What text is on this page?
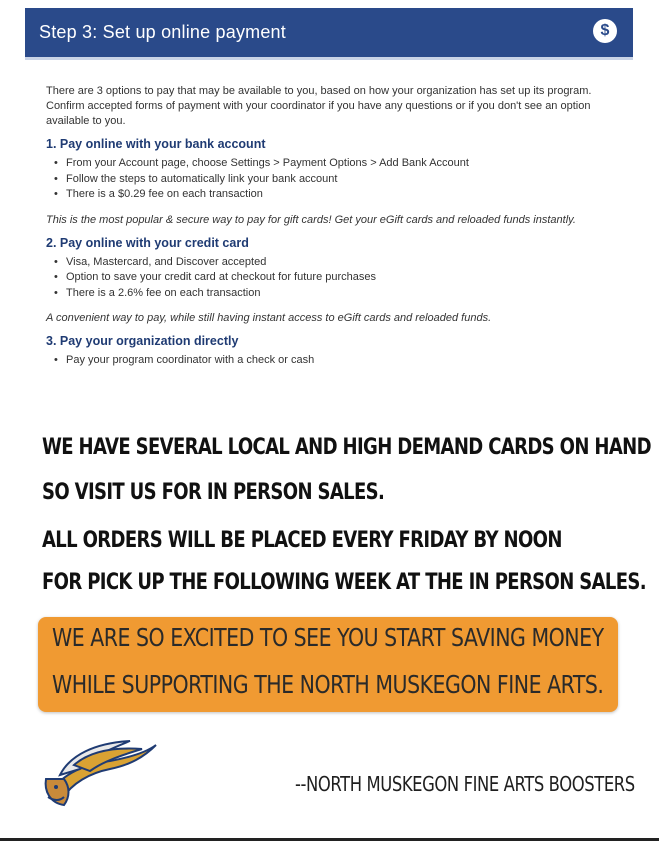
Step 3: Set up online payment	$

There are 3 options to pay that may be available to you, based on how your organization has set up its program. Confirm accepted forms of payment with your coordinator if you have any questions or if you don't see an option available to you.

1. Pay online with your bank account
• From your Account page, choose Settings > Payment Options > Add Bank Account
• Follow the steps to automatically link your bank account
• There is a $0.29 fee on each transaction
This is the most popular & secure way to pay for gift cards! Get your eGift cards and reloaded funds instantly.
2. Pay online with your credit card
• Visa, Mastercard, and Discover accepted
• Option to save your credit card at checkout for future purchases
• There is a 2.6% fee on each transaction
A convenient way to pay, while still having instant access to eGift cards and reloaded funds.
3. Pay your organization directly
• Pay your program coordinator with a check or cash
WE HAVE SEVERAL LOCAL AND HIGH DEMAND CARDS ON HAND
SO VISIT US FOR IN PERSON SALES.
ALL ORDERS WILL BE PLACED EVERY FRIDAY BY NOON
FOR PICK UP THE FOLLOWING WEEK AT THE IN PERSON SALES.
WE ARE SO EXCITED TO SEE YOU START SAVING MONEY
WHILE SUPPORTING THE NORTH MUSKEGON FINE ARTS.
--NORTH MUSKEGON FINE ARTS BOOSTERS
